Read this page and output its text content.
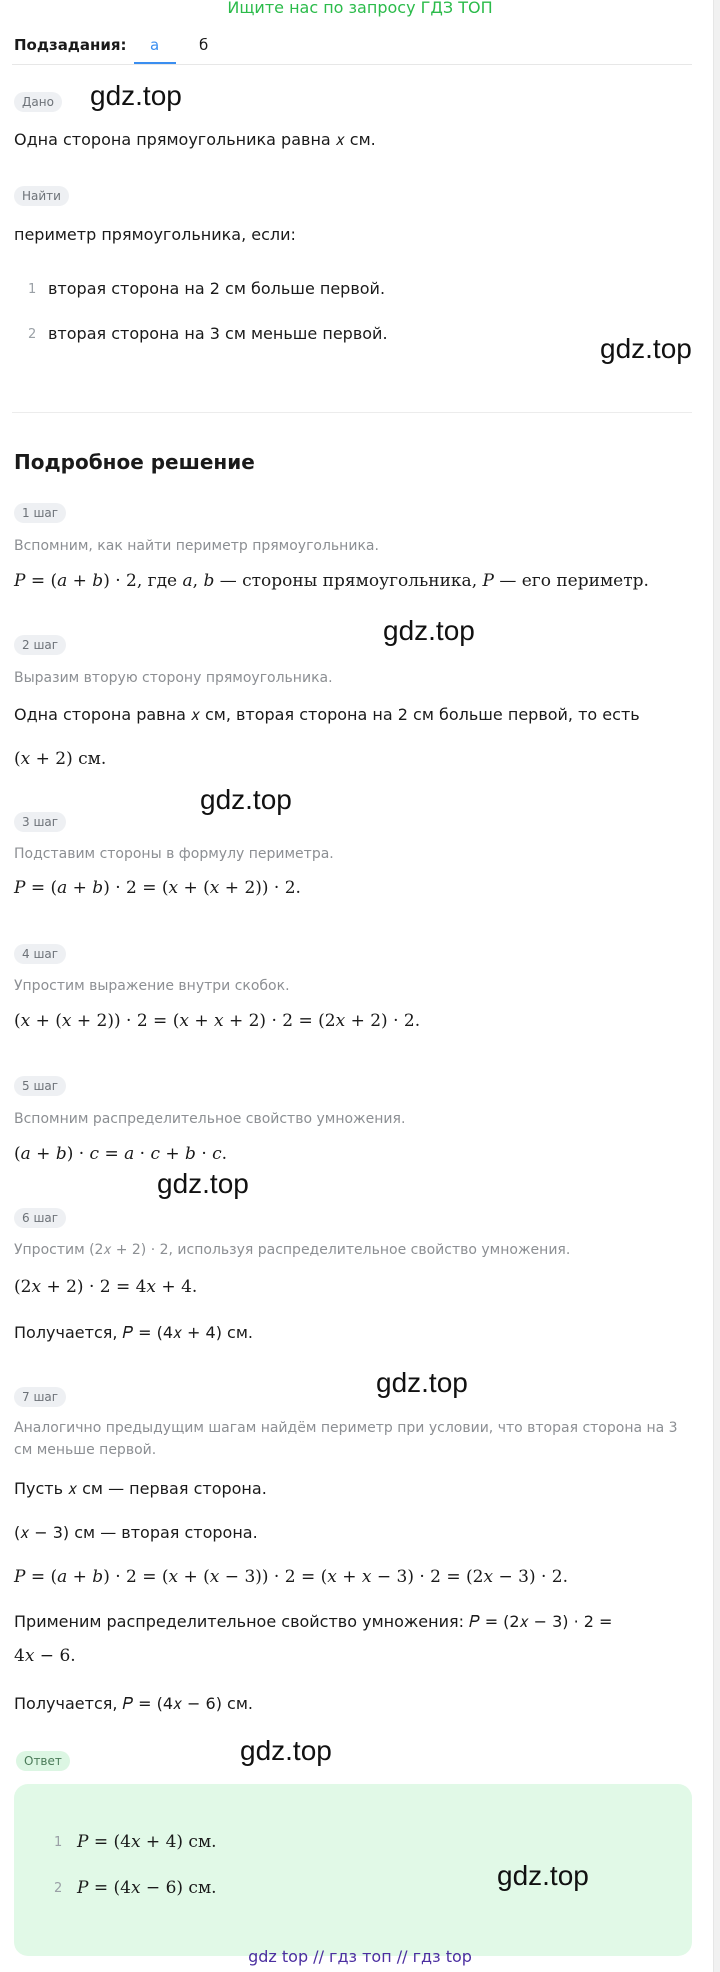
Ищите нас по запросу ГДЗ ТОП
Подзадания: а	б
Дано gdz.top
Одна сторона прямоугольника равна 𝑥 см.
Найти
периметр прямоугольника, если:
1 вторая сторона на 2 см больше первой.
2 вторая сторона на 3 см меньше первой.	gdz.top
Подробное решение
1 шаг
Вспомним, как найти периметр прямоугольника.
𝑃 = (𝑎 + 𝑏) · 2, где 𝑎, 𝑏 — стороны прямоугольника, 𝑃 — его периметр.
gdz.top
2 шаг
Выразим вторую сторону прямоугольника.
Одна сторона равна 𝑥 см, вторая сторона на 2 см больше первой, то есть
(𝑥 + 2) см.
gdz.top
3 шаг
Подставим стороны в формулу периметра.
𝑃 = (𝑎 + 𝑏) · 2 = (𝑥 + (𝑥 + 2)) · 2.
4 шаг
Упростим выражение внутри скобок.
(𝑥 + (𝑥 + 2)) · 2 = (𝑥 + 𝑥 + 2) · 2 = (2𝑥 + 2) · 2.
5 шаг
Вспомним распределительное свойство умножения.
(𝑎 + 𝑏) · 𝑐 = 𝑎 · 𝑐 + 𝑏 · 𝑐.
gdz.top
6 шаг
Упростим (2𝑥 + 2) · 2, используя распределительное свойство умножения.
(2𝑥 + 2) · 2 = 4𝑥 + 4.
Получается, 𝑃 = (4𝑥 + 4) см.
gdz.top
7 шаг
Аналогично предыдущим шагам найдём периметр при условии, что вторая сторона на 3
см меньше первой.
Пусть 𝑥 см — первая сторона.
(𝑥 − 3) см — вторая сторона.
𝑃 = (𝑎 + 𝑏) · 2 = (𝑥 + (𝑥 − 3)) · 2 = (𝑥 + 𝑥 − 3) · 2 = (2𝑥 − 3) · 2.
Применим распределительное свойство умножения: 𝑃 = (2𝑥 − 3) · 2 =
4𝑥 − 6.
Получается, 𝑃 = (4𝑥 − 6) см.
Ответ	gdz.top
1 𝑃 = (4𝑥 + 4) см.
2 𝑃 = (4𝑥 − 6) см.	gdz.top
gdz top // гдз топ // гдз top
